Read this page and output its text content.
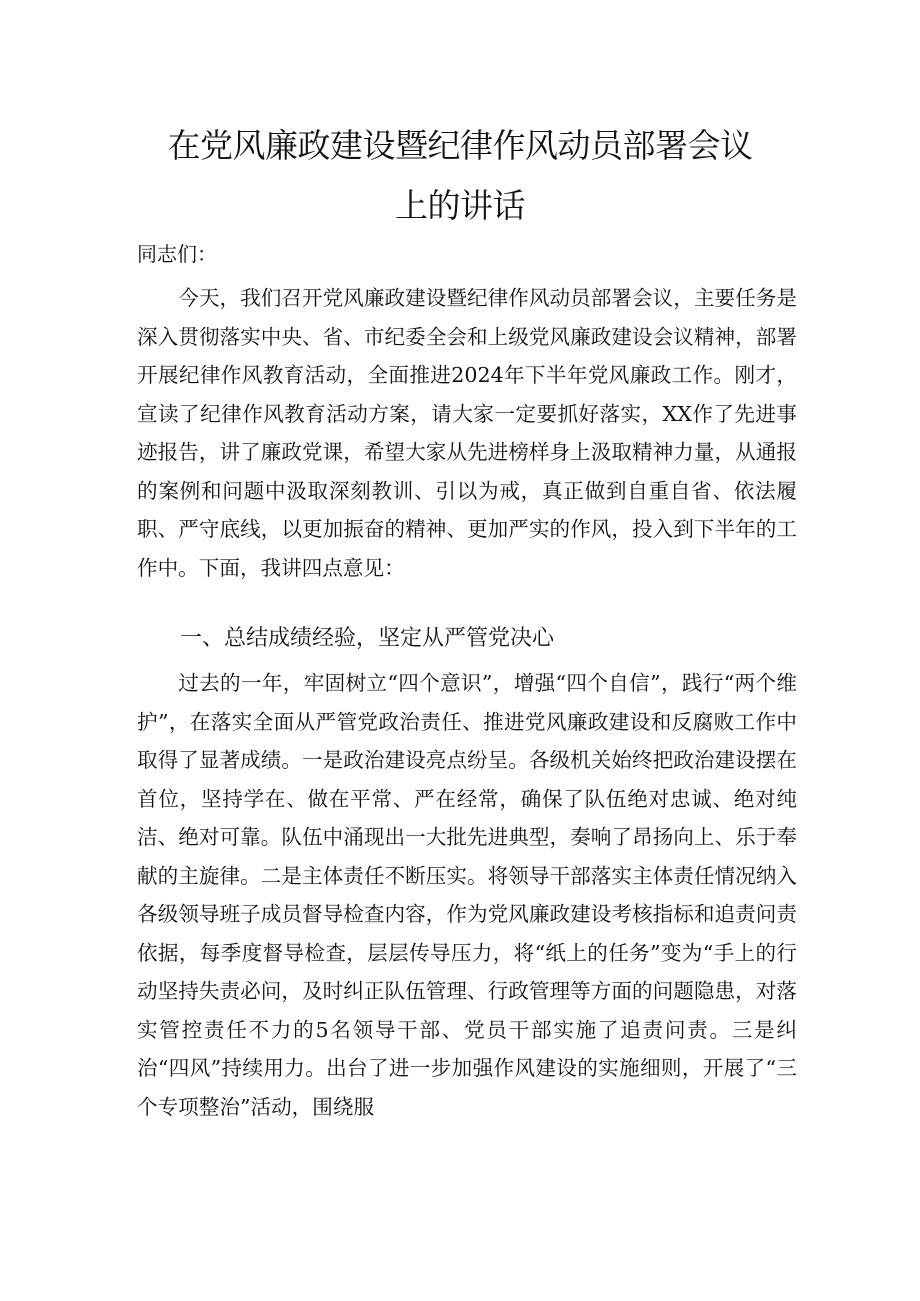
在党风廉政建设暨纪律作风动员部署会议
上的讲话
同志们：

今天，我们召开党风廉政建设暨纪律作风动员部署会议，主要任务是深入贯彻落实中央、省、市纪委全会和上级党风廉政建设会议精神，部署开展纪律作风教育活动，全面推进2024年下半年党风廉政工作。刚才，宣读了纪律作风教育活动方案，请大家一定要抓好落实，XX作了先进事迹报告，讲了廉政党课，希望大家从先进榜样身上汲取精神力量，从通报的案例和问题中汲取深刻教训、引以为戒，真正做到自重自省、依法履职、严守底线，以更加振奋的精神、更加严实的作风，投入到下半年的工作中。下面，我讲四点意见：

一、总结成绩经验，坚定从严管党决心

过去的一年，牢固树立“四个意识”，增强“四个自信”，践行“两个维护”，在落实全面从严管党政治责任、推进党风廉政建设和反腐败工作中取得了显著成绩。一是政治建设亮点纷呈。各级机关始终把政治建设摆在首位，坚持学在、做在平常、严在经常，确保了队伍绝对忠诚、绝对纯洁、绝对可靠。队伍中涌现出一大批先进典型，奏响了昂扬向上、乐于奉献的主旋律。二是主体责任不断压实。将领导干部落实主体责任情况纳入各级领导班子成员督导检查内容，作为党风廉政建设考核指标和追责问责依据，每季度督导检查，层层传导压力，将“纸上的任务”变为“手上的行动坚持失责必问，及时纠正队伍管理、行政管理等方面的问题隐患，对落实管控责任不力的5名领导干部、党员干部实施了追责问责。三是纠治“四风”持续用力。出台了进一步加强作风建设的实施细则，开展了“三个专项整治”活动，围绕服
